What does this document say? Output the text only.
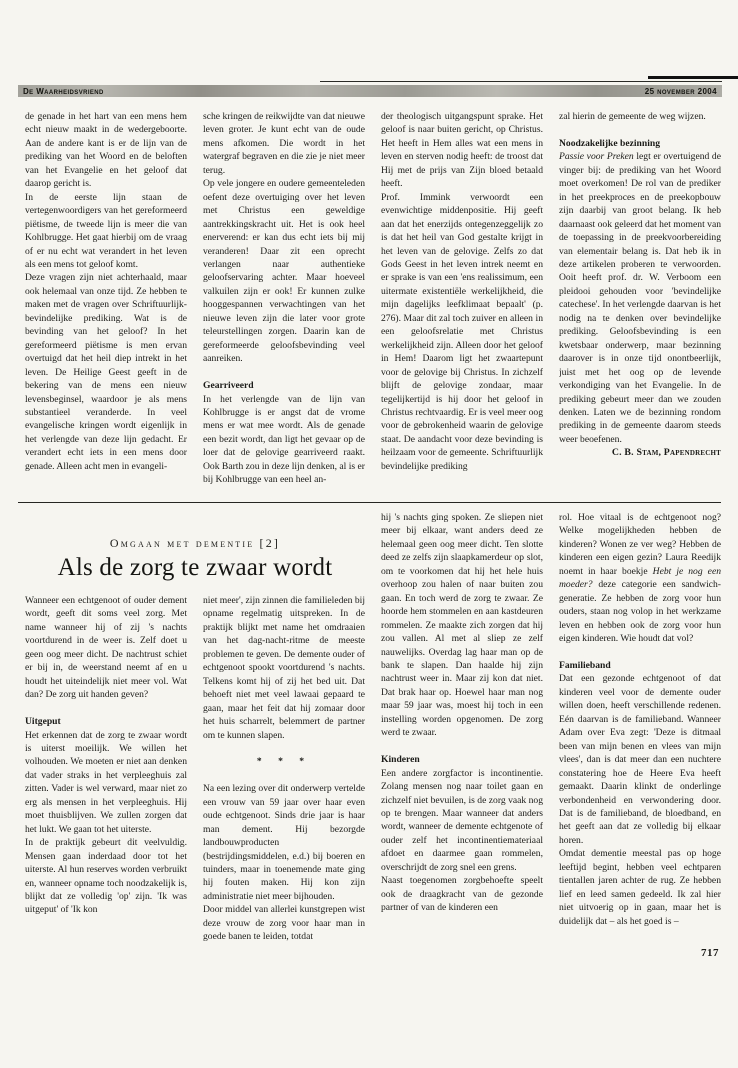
De Waarheidsvriend	25 november 2004

de genade in het hart van een mens hem echt nieuw maakt in de wedergeboorte. Aan de andere kant is er de lijn van de prediking van het Woord en de beloften van het Evangelie en het geloof dat daarop gericht is.

In de eerste lijn staan de vertegenwoordigers van het gereformeerd piëtisme, de tweede lijn is meer die van Kohlbrugge. Het gaat hierbij om de vraag of er nu echt wat verandert in het leven als een mens tot geloof komt.

Deze vragen zijn niet achterhaald, maar ook helemaal van onze tijd. Ze hebben te maken met de vragen over Schriftuurlijk-bevindelijke prediking. Wat is de bevinding van het geloof? In het gereformeerd piëtisme is men ervan overtuigd dat het heil diep intrekt in het leven. De Heilige Geest geeft in de bekering van de mens een nieuw levensbeginsel, waardoor je als mens substantieel veranderde. In veel evangelische kringen wordt eigenlijk in het verlengde van deze lijn gedacht. Er verandert echt iets in een mens door genade. Alleen acht men in evangeli-

sche kringen de reikwijdte van dat nieuwe leven groter. Je kunt echt van de oude mens afkomen. Die wordt in het watergraf begraven en die zie je niet meer terug.

Op vele jongere en oudere gemeenteleden oefent deze overtuiging over het leven met Christus een geweldige aantrekkingskracht uit. Het is ook heel enerverend: er kan dus echt iets bij mij veranderen! Daar zit een oprecht verlangen naar authentieke geloofservaring achter. Maar hoeveel valkuilen zijn er ook! Er kunnen zulke hooggespannen verwachtingen van het nieuwe leven zijn die later voor grote teleurstellingen zorgen. Daarin kan de gereformeerde geloofsbevinding veel aanreiken.

Gearriveerd

In het verlengde van de lijn van Kohlbrugge is er angst dat de vrome mens er wat mee wordt. Als de genade een bezit wordt, dan ligt het gevaar op de loer dat de gelovige gearriveerd raakt. Ook Barth zou in deze lijn denken, al is er bij Kohlbrugge van een heel an-

der theologisch uitgangspunt sprake. Het geloof is naar buiten gericht, op Christus. Het heeft in Hem alles wat een mens in leven en sterven nodig heeft: de troost dat Hij met de prijs van Zijn bloed betaald heeft.

Prof. Immink verwoordt een evenwichtige middenpositie. Hij geeft aan dat het enerzijds ontegenzeggelijk zo is dat het heil van God gestalte krijgt in het leven van de gelovige. Zelfs zo dat Gods Geest in het leven intrek neemt en er sprake is van een 'ens realissimum, een uitermate existentiële werkelijkheid, die mijn dagelijks leefklimaat bepaalt' (p. 276). Maar dit zal toch zuiver en alleen in een geloofsrelatie met Christus werkelijkheid zijn. Alleen door het geloof in Hem! Daarom ligt het zwaartepunt voor de gelovige bij Christus. In zichzelf blijft de gelovige zondaar, maar tegelijkertijd is hij door het geloof in Christus rechtvaardig. Er is veel meer oog voor de gebrokenheid waarin de gelovige staat. De aandacht voor deze bevinding is heilzaam voor de gemeente. Schriftuurlijk bevindelijke prediking

zal hierin de gemeente de weg wijzen.

Noodzakelijke bezinning

Passie voor Preken legt er overtuigend de vinger bij: de prediking van het Woord moet overkomen! De rol van de prediker in het preekproces en de preekopbouw zijn daarbij van groot belang. Ik heb daarnaast ook geleerd dat het moment van de toepassing in de preekvoorbereiding van elementair belang is. Dat heb ik in deze artikelen proberen te verwoorden. Ooit heeft prof. dr. W. Verboom een pleidooi gehouden voor 'bevindelijke catechese'. In het verlengde daarvan is het nodig na te denken over bevindelijke prediking. Geloofsbevinding is een kwetsbaar onderwerp, maar bezinning daarover is in onze tijd onontbeerlijk, juist met het oog op de levende verkondiging van het Evangelie. In de prediking gebeurt meer dan we zouden denken. Laten we de bezinning rondom prediking in de gemeente daarom steeds weer beoefenen.

C. B. Stam, Papendrecht
Omgaan met dementie [2]
Als de zorg te zwaar wordt

Wanneer een echtgenoot of ouder dement wordt, geeft dit soms veel zorg. Met name wanneer hij of zij 's nachts voortdurend in de weer is. Zelf doet u geen oog meer dicht. De nachtrust schiet er bij in, de weerstand neemt af en u houdt het uiteindelijk niet meer vol. Wat dan? De zorg uit handen geven?

Uitgeput

Het erkennen dat de zorg te zwaar wordt is uiterst moeilijk. We willen het volhouden. We moeten er niet aan denken dat vader straks in het verpleeghuis zal zitten. Vader is wel verward, maar niet zo erg als mensen in het verpleeghuis. Hij moet thuisblijven. We zullen zorgen dat het lukt. We gaan tot het uiterste.

In de praktijk gebeurt dit veelvuldig. Mensen gaan inderdaad door tot het uiterste. Al hun reserves worden verbruikt en, wanneer opname toch noodzakelijk is, blijkt dat ze volledig 'op' zijn. 'Ik was uitgeput' of 'Ik kon

niet meer', zijn zinnen die familieleden bij opname regelmatig uitspreken. In de praktijk blijkt met name het omdraaien van het dag-nacht-ritme de meeste problemen te geven. De demente ouder of echtgenoot spookt voortdurend 's nachts. Telkens komt hij of zij het bed uit. Dat behoeft niet met veel lawaai gepaard te gaan, maar het feit dat hij zomaar door het huis scharrelt, belemmert de partner om te kunnen slapen.

* * *

Na een lezing over dit onderwerp vertelde een vrouw van 59 jaar over haar even oude echtgenoot. Sinds drie jaar is haar man dement. Hij bezorgde landbouwproducten (bestrijdingsmiddelen, e.d.) bij boeren en tuinders, maar in toenemende mate ging hij fouten maken. Hij kon zijn administratie niet meer bijhouden.

Door middel van allerlei kunstgrepen wist deze vrouw de zorg voor haar man in goede banen te leiden, totdat

hij 's nachts ging spoken. Ze sliepen niet meer bij elkaar, want anders deed ze helemaal geen oog meer dicht. Ten slotte deed ze zelfs zijn slaapkamerdeur op slot, om te voorkomen dat hij het hele huis overhoop zou halen of naar buiten zou gaan. En toch werd de zorg te zwaar. Ze hoorde hem stommelen en aan kastdeuren rommelen. Ze maakte zich zorgen dat hij zou vallen. Al met al sliep ze zelf nauwelijks. Overdag lag haar man op de bank te slapen. Dan haalde hij zijn nachtrust weer in. Maar zij kon dat niet. Dat brak haar op. Hoewel haar man nog maar 59 jaar was, moest hij toch in een instelling worden opgenomen. De zorg werd te zwaar.

Kinderen

Een andere zorgfactor is incontinentie. Zolang mensen nog naar toilet gaan en zichzelf niet bevuilen, is de zorg vaak nog op te brengen. Maar wanneer dat anders wordt, wanneer de demente echtgenote of ouder zelf het incontinentiemateriaal afdoet en daarmee gaan rommelen, overschrijdt de zorg snel een grens.

Naast toegenomen zorgbehoefte speelt ook de draagkracht van de gezonde partner of van de kinderen een

rol. Hoe vitaal is de echtgenoot nog? Welke mogelijkheden hebben de kinderen? Wonen ze ver weg? Hebben de kinderen een eigen gezin? Laura Reedijk noemt in haar boekje Hebt je nog een moeder? deze categorie een sandwich-generatie. Ze hebben de zorg voor hun ouders, staan nog volop in het werkzame leven en hebben ook de zorg voor hun eigen kinderen. Wie houdt dat vol?

Familieband

Dat een gezonde echtgenoot of dat kinderen veel voor de demente ouder willen doen, heeft verschillende redenen. Eén daarvan is de familieband. Wanneer Adam over Eva zegt: 'Deze is ditmaal been van mijn benen en vlees van mijn vlees', dan is dat meer dan een nuchtere constatering hoe de Heere Eva heeft gemaakt. Daarin klinkt de onderlinge verbondenheid en verwondering door. Dat is de familieband, de bloedband, en het geeft aan dat ze volledig bij elkaar horen.

Omdat dementie meestal pas op hoge leeftijd begint, hebben veel echtparen tientallen jaren achter de rug. Ze hebben lief en leed samen gedeeld. Ik zal hier niet uitvoerig op in gaan, maar het is duidelijk dat – als het goed is –

717
